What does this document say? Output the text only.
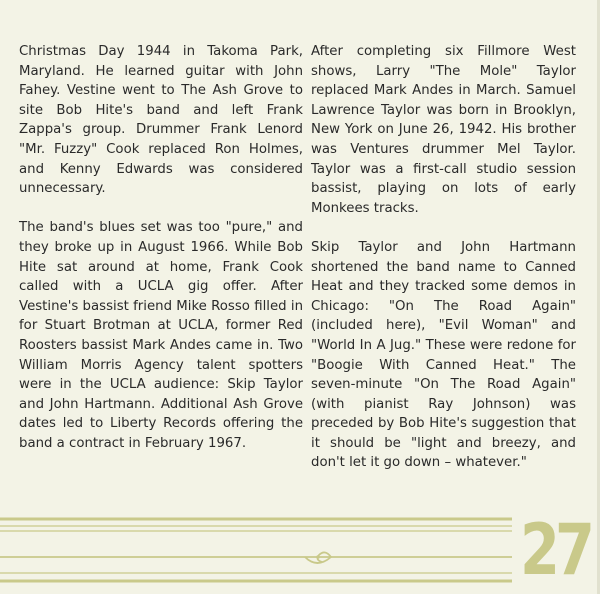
Christmas Day 1944 in Takoma Park, Maryland. He learned guitar with John Fahey. Vestine went to The Ash Grove to site Bob Hite's band and left Frank Zappa's group. Drummer Frank Lenord "Mr. Fuzzy" Cook replaced Ron Holmes, and Kenny Edwards was considered unnecessary.

The band's blues set was too "pure," and they broke up in August 1966. While Bob Hite sat around at home, Frank Cook called with a UCLA gig offer. After Vestine's bassist friend Mike Rosso filled in for Stuart Brotman at UCLA, former Red Roosters bassist Mark Andes came in. Two William Morris Agency talent spotters were in the UCLA audience: Skip Taylor and John Hartmann. Additional Ash Grove dates led to Liberty Records offering the band a contract in February 1967.

After completing six Fillmore West shows, Larry "The Mole" Taylor replaced Mark Andes in March. Samuel Lawrence Taylor was born in Brooklyn, New York on June 26, 1942. His brother was Ventures drummer Mel Taylor. Taylor was a first-call studio session bassist, playing on lots of early Monkees tracks.

Skip Taylor and John Hartmann shortened the band name to Canned Heat and they tracked some demos in Chicago: "On The Road Again" (included here), "Evil Woman" and "World In A Jug." These were redone for "Boogie With Canned Heat." The seven-minute "On The Road Again" (with pianist Ray Johnson) was preceded by Bob Hite's suggestion that it should be "light and breezy, and don't let it go down – whatever."

27
